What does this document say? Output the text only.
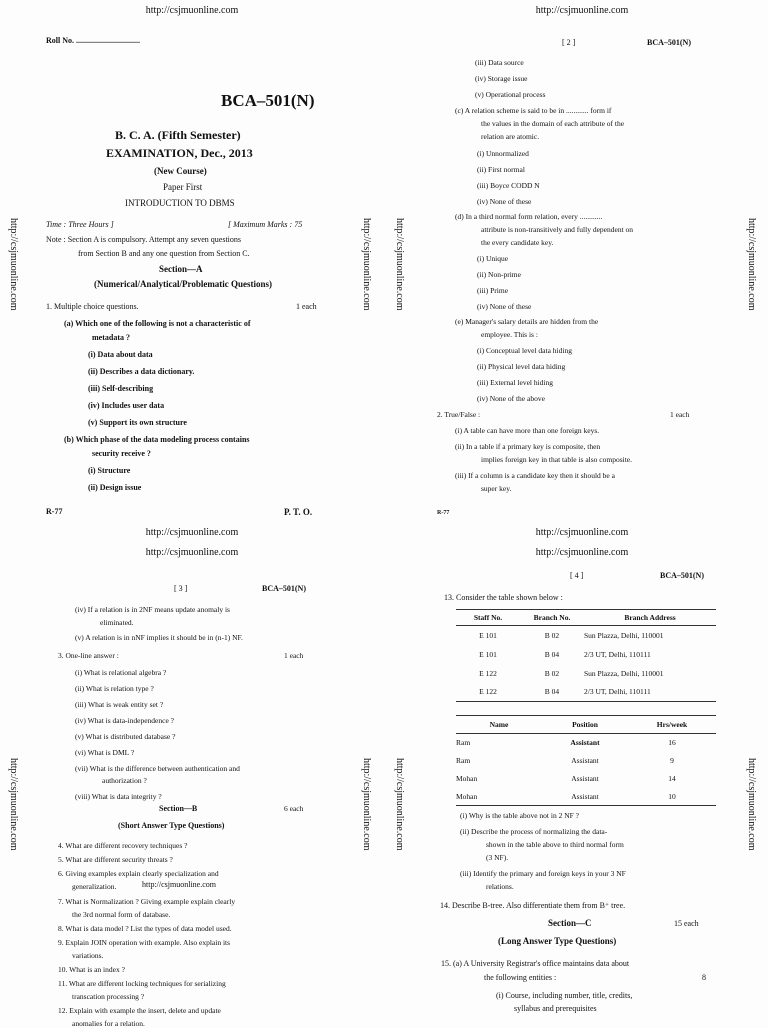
http://csjmuonline.com	http://csjmuonline.com
http://csjmuonline.com
http://csjmuonline.com
http://csjmuonline.com
http://csjmuonline.com
http://csjmuonline.com	http://csjmuonline.com http://csjmuonline.com	http://csjmuonline.com
http://csjmuonline.com	http://csjmuonline.com http://csjmuonline.com	http://csjmuonline.com
Roll No. ................................
BCA–501(N)
B. C. A. (Fifth Semester)
EXAMINATION, Dec., 2013
(New Course)
Paper First
INTRODUCTION TO DBMS
Time : Three Hours ]	[ Maximum Marks : 75
Note : Section A is compulsory. Attempt any seven questions
from Section B and any one question from Section C.
Section—A
(Numerical/Analytical/Problematic Questions)
1. Multiple choice questions.	1 each
(a) Which one of the following is not a characteristic of
metadata ?
(i) Data about data
(ii) Describes a data dictionary.
(iii) Self-describing
(iv) Includes user data
(v) Support its own structure
(b) Which phase of the data modeling process contains
security receive ?
(i) Structure
(ii) Design issue
R-77	P. T. O.
[ 2 ]	BCA–501(N)
(iii) Data source
(iv) Storage issue
(v) Operational process
(c) A relation scheme is said to be in ............ form if
the values in the domain of each attribute of the
relation are atomic.
(i) Unnormalized
(ii) First normal
(iii) Boyce CODD N
(iv) None of these
(d) In a third normal form relation, every ............
attribute is non-transitively and fully dependent on
the every candidate key.
(i) Unique
(ii) Non-prime
(iii) Prime
(iv) None of these
(e) Manager's salary details are hidden from the
employee. This is :
(i) Conceptual level data hiding
(ii) Physical level data hiding
(iii) External level hiding
(iv) None of the above
2. True/False :	1 each
(i) A table can have more than one foreign keys.
(ii) In a table if a primary key is composite, then
implies foreign key in that table is also composite.
(iii) If a column is a candidate key then it should be a
super key.
R-77
[ 3 ]	BCA–501(N)
(iv) If a relation is in 2NF means update anomaly is
eliminated.
(v) A relation is in nNF implies it should be in (n-1) NF.
3. One-line answer :	1 each
(i) What is relational algebra ?
(ii) What is relation type ?
(iii) What is weak entity set ?
(iv) What is data-independence ?
(v) What is distributed database ?
(vi) What is DML ?
(vii) What is the difference between authentication and
authorization ?
(viii) What is data integrity ?
Section—B	6 each
(Short Answer Type Questions)
4. What are different recovery techniques ?
5. What are different security threats ?
6. Giving examples explain clearly specialization and
generalization.	http://csjmuonline.com
7. What is Normalization ? Giving example explain clearly
the 3rd normal form of database.
8. What is data model ? List the types of data model used.
9. Explain JOIN operation with example. Also explain its
variations.
10. What is an index ?
11. What are different locking techniques for serializing
transcation processing ?
12. Explain with example the insert, delete and update
anomalies for a relation.
[ 4 ]	BCA–501(N)
13. Consider the table shown below :
Staff No.	Branch No.	Branch Address
E 101	B 02	Sun Plazza, Delhi, 110001
E 101	B 04	2/3 UT, Delhi, 110111
E 122	B 02	Sun Plazza, Delhi, 110001
E 122	B 04	2/3 UT, Delhi, 110111
Name	Position	Hrs/week
Ram	Assistant	16
Ram	Assistant	9
Mohan	Assistant	14
Mohan	Assistant	10
(i) Why is the table above not in 2 NF ?
(ii) Describe the process of normalizing the data-
shown in the table above to third normal form
(3 NF).
(iii) Identify the primary and foreign keys in your 3 NF
relations.
14. Describe B-tree. Also differentiate them from B⁺ tree.
Section—C	15 each
(Long Answer Type Questions)
15. (a) A University Registrar's office maintains data about
the following entities :	8
(i) Course, including number, title, credits,
syllabus and prerequisites
